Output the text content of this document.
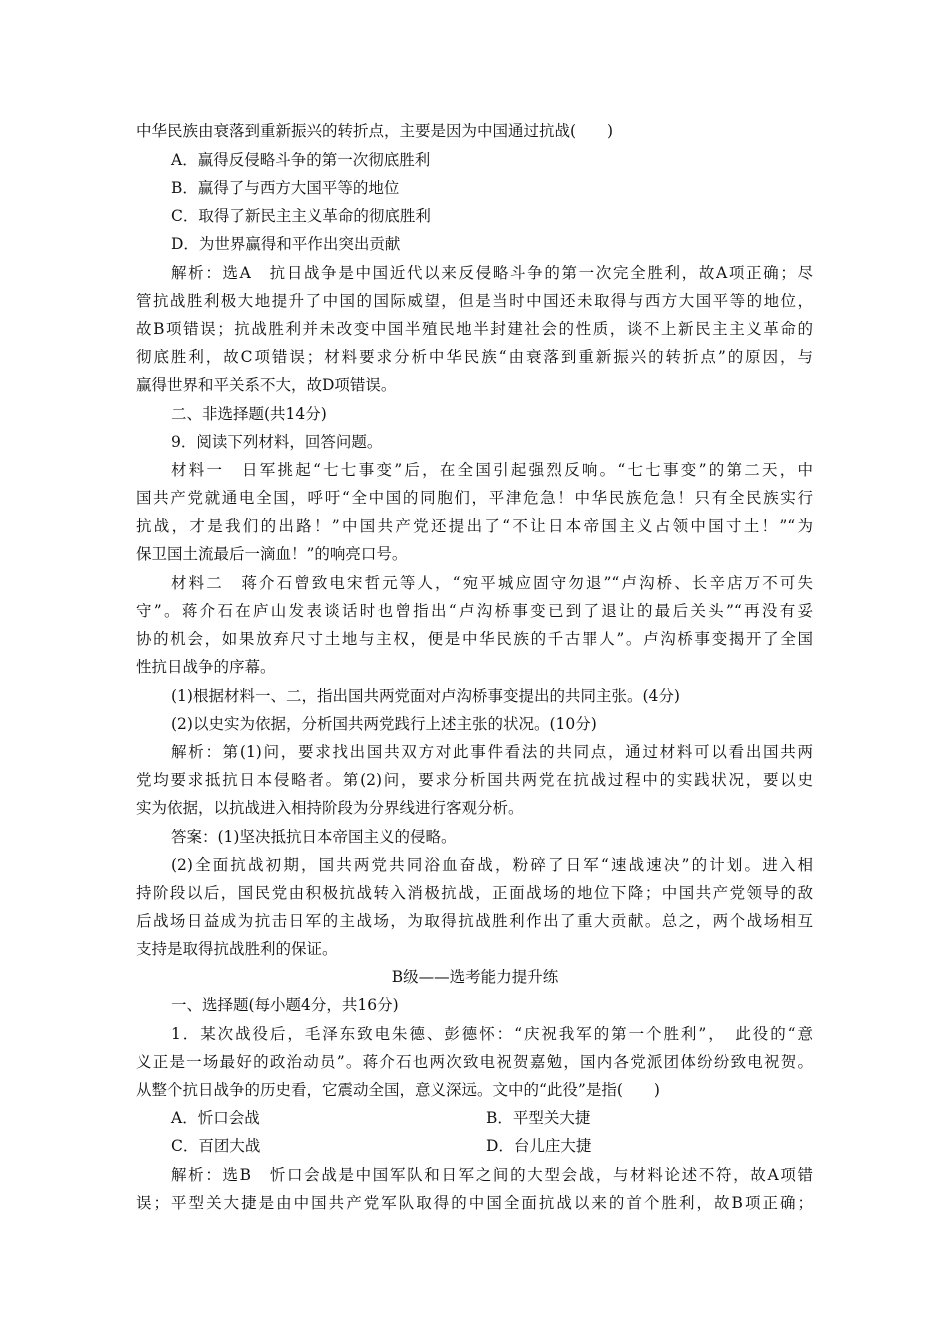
中华民族由衰落到重新振兴的转折点，主要是因为中国通过抗战(　　)
A．赢得反侵略斗争的第一次彻底胜利
B．赢得了与西方大国平等的地位
C．取得了新民主主义革命的彻底胜利
D．为世界赢得和平作出突出贡献
解析：选A　抗日战争是中国近代以来反侵略斗争的第一次完全胜利，故A项正确；尽
管抗战胜利极大地提升了中国的国际威望，但是当时中国还未取得与西方大国平等的地位，
故B项错误；抗战胜利并未改变中国半殖民地半封建社会的性质，谈不上新民主主义革命的
彻底胜利，故C项错误；材料要求分析中华民族“由衰落到重新振兴的转折点”的原因，与
赢得世界和平关系不大，故D项错误。
二、非选择题(共14分)
9．阅读下列材料，回答问题。
材料一　日军挑起“七七事变”后，在全国引起强烈反响。“七七事变”的第二天，中
国共产党就通电全国，呼吁“全中国的同胞们，平津危急！中华民族危急！只有全民族实行
抗战，才是我们的出路！”中国共产党还提出了“不让日本帝国主义占领中国寸土！”“为
保卫国土流最后一滴血！”的响亮口号。
材料二　蒋介石曾致电宋哲元等人，“宛平城应固守勿退”“卢沟桥、长辛店万不可失
守”。蒋介石在庐山发表谈话时也曾指出“卢沟桥事变已到了退让的最后关头”“再没有妥
协的机会，如果放弃尺寸土地与主权，便是中华民族的千古罪人”。卢沟桥事变揭开了全国
性抗日战争的序幕。
(1)根据材料一、二，指出国共两党面对卢沟桥事变提出的共同主张。(4分)
(2)以史实为依据，分析国共两党践行上述主张的状况。(10分)
解析：第(1)问，要求找出国共双方对此事件看法的共同点，通过材料可以看出国共两
党均要求抵抗日本侵略者。第(2)问，要求分析国共两党在抗战过程中的实践状况，要以史
实为依据，以抗战进入相持阶段为分界线进行客观分析。
答案：(1)坚决抵抗日本帝国主义的侵略。
(2)全面抗战初期，国共两党共同浴血奋战，粉碎了日军“速战速决”的计划。进入相
持阶段以后，国民党由积极抗战转入消极抗战，正面战场的地位下降；中国共产党领导的敌
后战场日益成为抗击日军的主战场，为取得抗战胜利作出了重大贡献。总之，两个战场相互
支持是取得抗战胜利的保证。
B级——选考能力提升练
一、选择题(每小题4分，共16分)
1．某次战役后，毛泽东致电朱德、彭德怀：“庆祝我军的第一个胜利”，　此役的“意
义正是一场最好的政治动员”。蒋介石也两次致电祝贺嘉勉，国内各党派团体纷纷致电祝贺。
从整个抗日战争的历史看，它震动全国，意义深远。文中的“此役”是指(　　)
A．忻口会战	B．平型关大捷
C．百团大战	D．台儿庄大捷
解析：选B　忻口会战是中国军队和日军之间的大型会战，与材料论述不符，故A项错
误；平型关大捷是由中国共产党军队取得的中国全面抗战以来的首个胜利，故B项正确；
